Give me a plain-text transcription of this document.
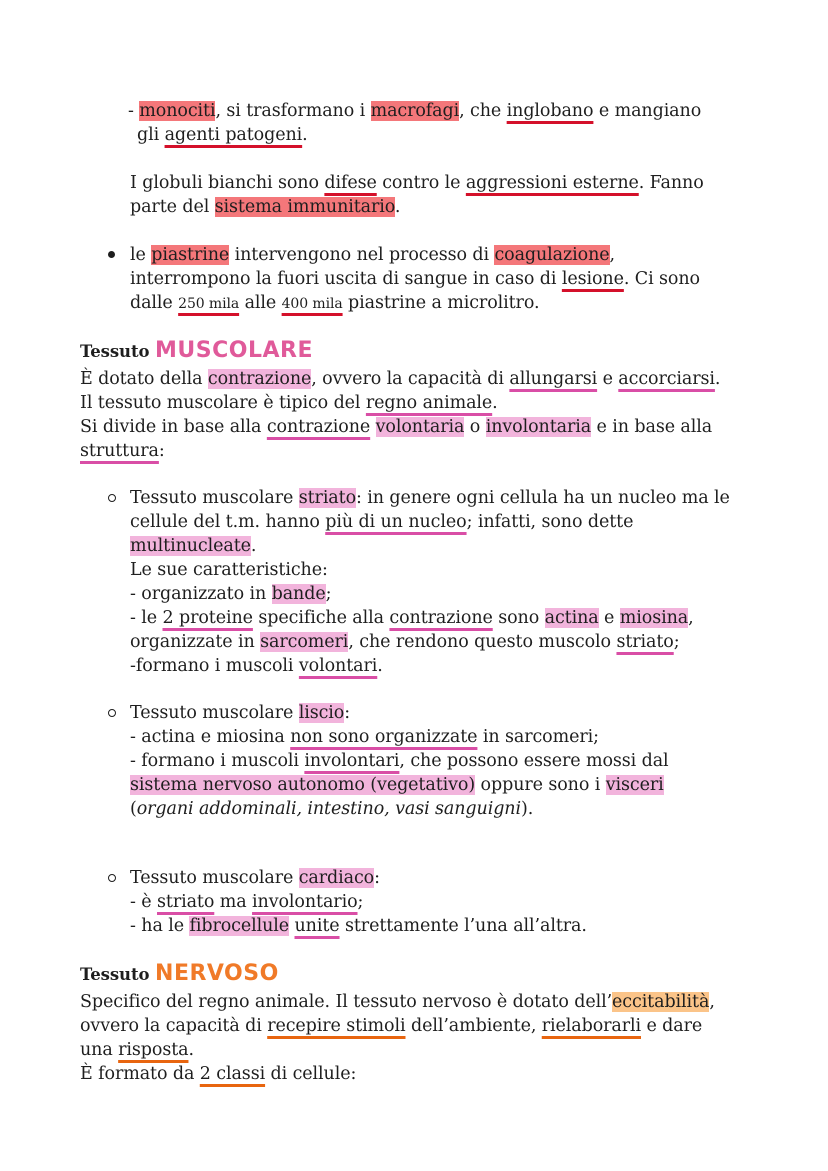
- monociti, si trasformano i macrofagi, che inglobano e mangiano
gli agenti patogeni.
I globuli bianchi sono difese contro le aggressioni esterne. Fanno
parte del sistema immunitario.
le piastrine intervengono nel processo di coagulazione,
interrompono la fuori uscita di sangue in caso di lesione. Ci sono
dalle 250 mila alle 400 mila piastrine a microlitro.
Tessuto MUSCOLARE
È dotato della contrazione, ovvero la capacità di allungarsi e accorciarsi.
Il tessuto muscolare è tipico del regno animale.
Si divide in base alla contrazione volontaria o involontaria e in base alla
struttura:
Tessuto muscolare striato: in genere ogni cellula ha un nucleo ma le
cellule del t.m. hanno più di un nucleo; infatti, sono dette
multinucleate.
Le sue caratteristiche:
- organizzato in bande;
- le 2 proteine specifiche alla contrazione sono actina e miosina,
organizzate in sarcomeri, che rendono questo muscolo striato;
-formano i muscoli volontari.
Tessuto muscolare liscio:
- actina e miosina non sono organizzate in sarcomeri;
- formano i muscoli involontari, che possono essere mossi dal
sistema nervoso autonomo (vegetativo) oppure sono i visceri
(organi addominali, intestino, vasi sanguigni).
Tessuto muscolare cardiaco:
- è striato ma involontario;
- ha le fibrocellule unite strettamente l’una all’altra.
Tessuto NERVOSO
Specifico del regno animale. Il tessuto nervoso è dotato dell’eccitabilità,
ovvero la capacità di recepire stimoli dell’ambiente, rielaborarli e dare
una risposta.
È formato da 2 classi di cellule:
